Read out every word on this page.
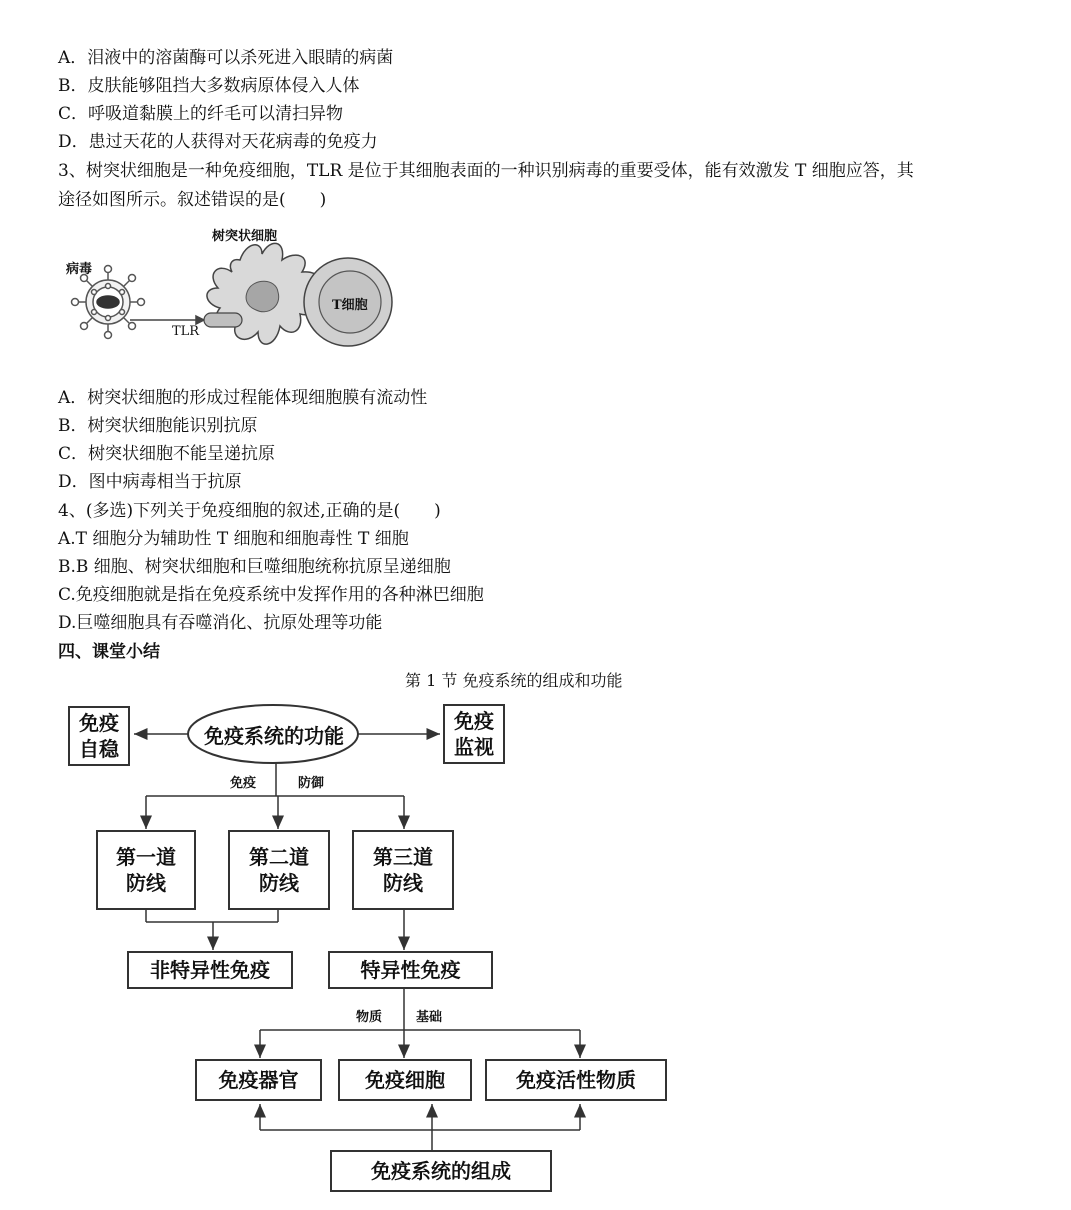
A．泪液中的溶菌酶可以杀死进入眼睛的病菌
B．皮肤能够阻挡大多数病原体侵入人体
C．呼吸道黏膜上的纤毛可以清扫异物
D．患过天花的人获得对天花病毒的免疫力
3、树突状细胞是一种免疫细胞，TLR 是位于其细胞表面的一种识别病毒的重要受体，能有效激发 T 细胞应答，其
途径如图所示。叙述错误的是(　　)
树突状细胞
病毒
TLR
T细胞
A．树突状细胞的形成过程能体现细胞膜有流动性
B．树突状细胞能识别抗原
C．树突状细胞不能呈递抗原
D．图中病毒相当于抗原
4、(多选)下列关于免疫细胞的叙述,正确的是(　　)
A.T 细胞分为辅助性 T 细胞和细胞毒性 T 细胞
B.B 细胞、树突状细胞和巨噬细胞统称抗原呈递细胞
C.免疫细胞就是指在免疫系统中发挥作用的各种淋巴细胞
D.巨噬细胞具有吞噬消化、抗原处理等功能
四、课堂小结
第 1 节 免疫系统的组成和功能
免疫系统的功能
免疫
自稳
免疫
监视
免疫	防御
第一道
防线
第二道
防线
第三道
防线
非特异性免疫	特异性免疫
物质	基础
免疫器官	免疫细胞	免疫活性物质
免疫系统的组成
